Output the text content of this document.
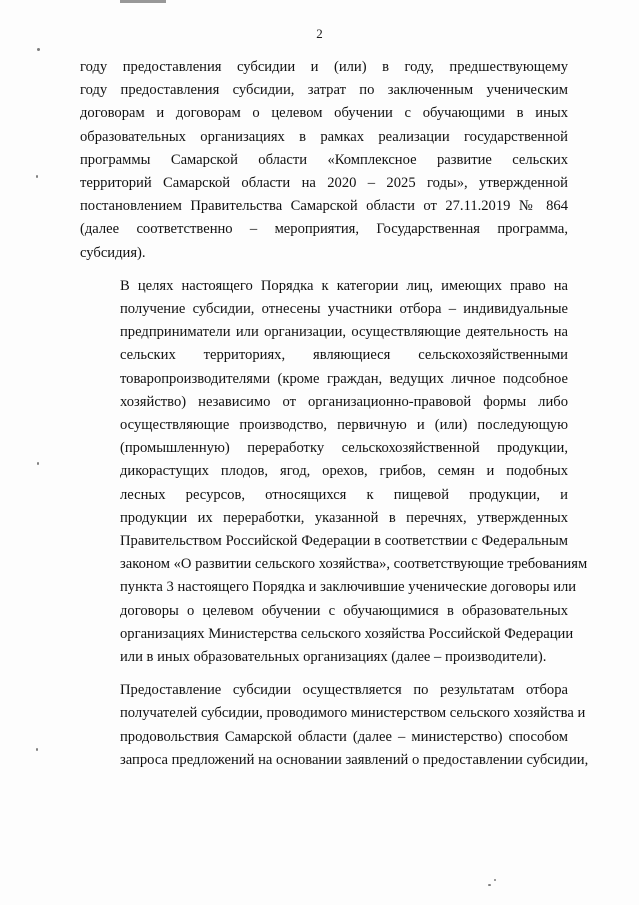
2
году предоставления субсидии и (или) в году, предшествующему
году предоставления субсидии, затрат по заключенным ученическим
договорам и договорам о целевом обучении с обучающими в иных
образовательных организациях в рамках реализации государственной
программы Самарской области «Комплексное развитие сельских
территорий Самарской области на 2020 – 2025 годы», утвержденной
постановлением Правительства Самарской области от 27.11.2019 № 864
(далее соответственно – мероприятия, Государственная программа,
субсидия).
В целях настоящего Порядка к категории лиц, имеющих право на
получение субсидии, отнесены участники отбора – индивидуальные
предприниматели или организации, осуществляющие деятельность на
сельских территориях, являющиеся сельскохозяйственными
товаропроизводителями (кроме граждан, ведущих личное подсобное
хозяйство) независимо от организационно-правовой формы либо
осуществляющие производство, первичную и (или) последующую
(промышленную) переработку сельскохозяйственной продукции,
дикорастущих плодов, ягод, орехов, грибов, семян и подобных
лесных ресурсов, относящихся к пищевой продукции, и
продукции их переработки, указанной в перечнях, утвержденных
Правительством Российской Федерации в соответствии с Федеральным
законом «О развитии сельского хозяйства», соответствующие требованиям
пункта 3 настоящего Порядка и заключившие ученические договоры или
договоры о целевом обучении с обучающимися в образовательных
организациях Министерства сельского хозяйства Российской Федерации
или в иных образовательных организациях (далее – производители).
Предоставление субсидии осуществляется по результатам отбора
получателей субсидии, проводимого министерством сельского хозяйства и
продовольствия Самарской области (далее – министерство) способом
запроса предложений на основании заявлений о предоставлении субсидии,
